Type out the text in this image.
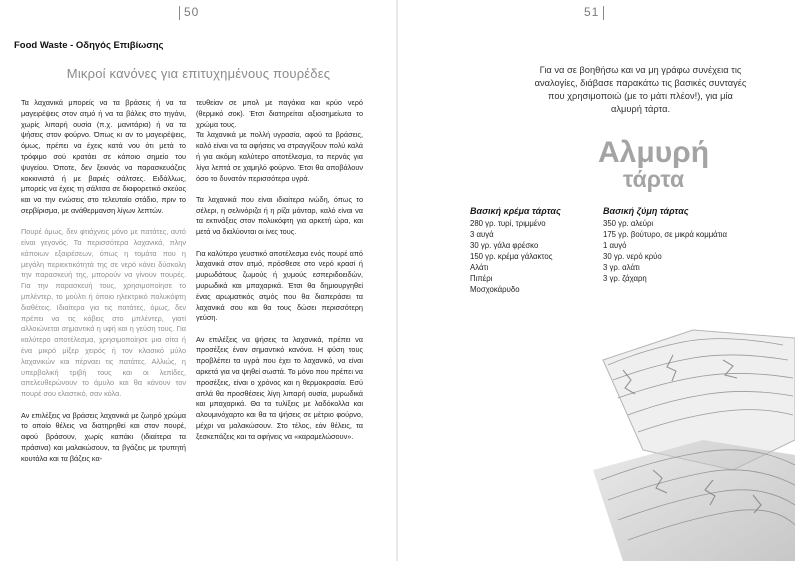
50
Food Waste - Οδηγός Επιβίωσης
Μικροί κανόνες για επιτυχημένους πουρέδες

Τα λαχανικά μπορείς να τα βράσεις ή να τα μαγειρέψεις στον ατμό ή να τα βάλεις στο τηγάνι, χωρίς λιπαρή ουσία (π.χ. μανιτάρια) ή να τα ψήσεις στον φούρνο. Όπως κι αν το μαγειρέψεις, όμως, πρέπει να έχεις κατά νου ότι μετά το τρόφιμο σού κρατάει σε κάποιο σημείο του ψυγείου. Όποτε, δεν ξεκινάς να παρασκευάζεις κοκκινιστά ή με βαριές σάλτσες. Ειδάλλως, μπορείς να έχεις τη σάλτσα σε διαφορετικό σκεύος και να την ενώσεις στο τελευταίο στάδιο, πριν το σερβίρισμα, με ανάθερμανση λίγων λεπτών.

Πουρέ όμως, δεν φτιάχνεις μόνο με πατάτες, αυτό είναι γεγονός. Τα περισσότερα λαχανικά, πλην κάποιων εξαιρέσεων, όπως η τομάτα που η μεγάλη περιεκτικότητά της σε νερό κάνει δύσκολη την παρασκευή της, μπορούν να γίνουν πουρές. Για την παρασκευή τους, χρησιμοποίησε το μπλέντερ, το μούλτι ή όποιο ηλεκτρικό πολυκόφτη διαθέτεις. Ιδιαίτερα για τις πατάτες, όμως, δεν πρέπει να τις κόβεις στο μπλέντερ, γιατί αλλοιώνεται σημαντικά η υφή και η γεύση τους. Για καλύτερο αποτέλεσμα, χρησιμοποίησε μια σίτα ή ένα μικρό μίξερ χειρός ή τον κλασικό μύλο λαχανικών και πέρναει τις πατάτες. Αλλιώς, η υπερβολική τριβή τους και οι λεπίδες, απελευθερώνουν το άμυλο και θα κάνουν τον πουρέ σου ελαστικό, σαν κόλα.

Αν επιλέξεις να βράσεις λαχανικά με ζωηρό χρώμα το οποίο θέλεις να διατηρηθεί και στον πουρέ, αφού βράσουν, χωρίς καπάκι (ιδιαίτερα τα πράσινα) και μαλακώσουν, τα βγάζεις με τρυπητή κουτάλα και τα βάζεις κα-

τευθείαν σε μπολ με παγάκια και κρύο νερό (θερμικό σοκ). Έτσι διατηρείται αξιοσημείωτα το χρώμα τους.
Τα λαχανικά με πολλή υγρασία, αφού τα βράσεις, καλό είναι να τα αφήσεις να στραγγίξουν πολύ καλά ή για ακόμη καλύτερο αποτέλεσμα, τα περνάς για λίγα λεπτά σε χαμηλό φούρνο. Έτσι θα αποβάλουν όσο το δυνατόν περισσότερα υγρά.

Τα λαχανικά που είναι ιδιαίτερα ινώδη, όπως το σέλερι, η σελινόριζα ή η ρίζα μάνταρ, καλό είναι να τα εκτινάξεις στον πολυκόφτη για αρκετή ώρα, και μετά να διαλύονται οι ίνες τους.

Για καλύτερο γευστικό αποτέλεσμα ενός πουρέ από λαχανικά στον ατμό, πρόσθεσε στο νερό κρασί ή μυρωδάτους ζωμούς ή χυμούς εσπεριδοειδών, μυρωδικά και μπαχαρικά. Έτσι θα δημιουργηθεί ένας αρωματικός ατμός που θα διαπεράσει τα λαχανικά σου και θα τους δώσει περισσότερη γεύση.

Αν επιλέξεις να ψήσεις τα λαχανικά, πρέπει να προσέξεις έναν σημαντικό κανόνα. Η φύση τους προβλέπει τα υγρά που έχει το λαχανικό, να είναι αρκετά για να ψηθεί σωστά. Το μόνο που πρέπει να προσέξεις, είναι ο χρόνος και η θερμοκρασία. Εσύ απλά θα προσθέσεις λίγη λιπαρή ουσία, μυρωδικά και μπαχαρικά. Θα τα τυλίξεις με λαδόκολλα και αλουμινόχαρτο και θα τα ψήσεις σε μέτριο φούρνο, μέχρι να μαλακώσουν. Στο τέλος, εάν θέλεις, τα ξεσκεπάζεις και τα αφήνεις να «καραμελώσουν».

51
Για να σε βοηθήσω και να μη γράφω συνέχεια τις αναλογίες, διάβασε παρακάτω τις βασικές συνταγές που χρησιμοποιώ (με το μάτι πλέον!), για μία αλμυρή τάρτα.
Αλμυρή
τάρτα
Βασική κρέμα τάρτας
280 γρ. τυρί, τριμμένο
3 αυγά
30 γρ. γάλα φρέσκο
150 γρ. κρέμα γάλακτος
Αλάτι
Πιπέρι
Μοσχοκάρυδο
Βασική ζύμη τάρτας
350 γρ. αλεύρι
175 γρ. βούτυρο, σε μικρά κομμάτια
1 αυγό
30 γρ. νερό κρύο
3 γρ. αλάτι
3 γρ. ζάχαρη
